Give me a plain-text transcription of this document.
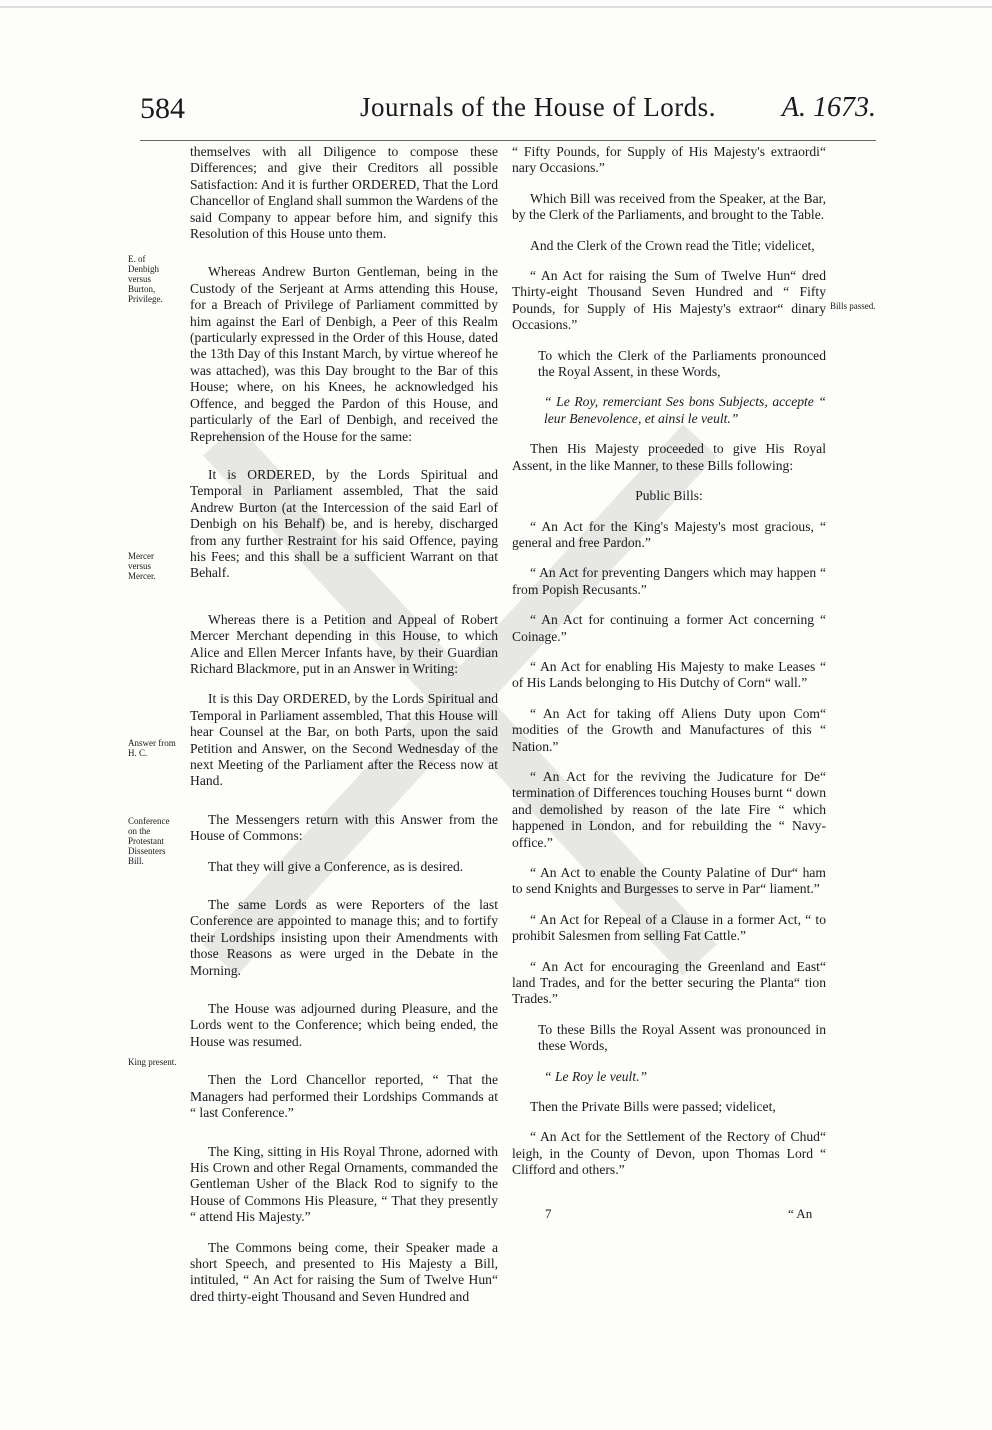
584	Journals of the House of Lords. A. 1673.
E. of Denbigh versus Burton, Privilege.
Mercer versus Mercer.
Answer from H. C.
Conference on the Protestant Dissenters Bill.
King present.
Bills passed.

themselves with all Diligence to compose these Differences; and give their Creditors all possible Satisfaction: And it is further ORDERED, That the Lord Chancellor of England shall summon the Wardens of the said Company to appear before him, and signify this Resolution of this House unto them.

Whereas Andrew Burton Gentleman, being in the Custody of the Serjeant at Arms attending this House, for a Breach of Privilege of Parliament committed by him against the Earl of Denbigh, a Peer of this Realm (particularly expressed in the Order of this House, dated the 13th Day of this Instant March, by virtue whereof he was attached), was this Day brought to the Bar of this House; where, on his Knees, he acknowledged his Offence, and begged the Pardon of this House, and particularly of the Earl of Denbigh, and received the Reprehension of the House for the same:

It is ORDERED, by the Lords Spiritual and Temporal in Parliament assembled, That the said Andrew Burton (at the Intercession of the said Earl of Denbigh on his Behalf) be, and is hereby, discharged from any further Restraint for his said Offence, paying his Fees; and this shall be a sufficient Warrant on that Behalf.

Whereas there is a Petition and Appeal of Robert Mercer Merchant depending in this House, to which Alice and Ellen Mercer Infants have, by their Guardian Richard Blackmore, put in an Answer in Writing:

It is this Day ORDERED, by the Lords Spiritual and Temporal in Parliament assembled, That this House will hear Counsel at the Bar, on both Parts, upon the said Petition and Answer, on the Second Wednesday of the next Meeting of the Parliament after the Recess now at Hand.

The Messengers return with this Answer from the House of Commons:

That they will give a Conference, as is desired.

The same Lords as were Reporters of the last Conference are appointed to manage this; and to fortify their Lordships insisting upon their Amendments with those Reasons as were urged in the Debate in the Morning.

The House was adjourned during Pleasure, and the Lords went to the Conference; which being ended, the House was resumed.

Then the Lord Chancellor reported, “ That the Managers had performed their Lordships Commands at “ last Conference.”

The King, sitting in His Royal Throne, adorned with His Crown and other Regal Ornaments, commanded the Gentleman Usher of the Black Rod to signify to the House of Commons His Pleasure, “ That they presently “ attend His Majesty.”

The Commons being come, their Speaker made a short Speech, and presented to His Majesty a Bill, intituled, “ An Act for raising the Sum of Twelve Hun“ dred thirty-eight Thousand and Seven Hundred and

“ Fifty Pounds, for Supply of His Majesty's extraordi“ nary Occasions.”

Which Bill was received from the Speaker, at the Bar, by the Clerk of the Parliaments, and brought to the Table.

And the Clerk of the Crown read the Title; videlicet,

“ An Act for raising the Sum of Twelve Hun“ dred Thirty-eight Thousand Seven Hundred and “ Fifty Pounds, for Supply of His Majesty's extraor“ dinary Occasions.”

To which the Clerk of the Parliaments pronounced the Royal Assent, in these Words,

“ Le Roy, remerciant Ses bons Subjects, accepte “ leur Benevolence, et ainsi le veult.”

Then His Majesty proceeded to give His Royal Assent, in the like Manner, to these Bills following:

Public Bills:

“ An Act for the King's Majesty's most gracious, “ general and free Pardon.”

“ An Act for preventing Dangers which may happen “ from Popish Recusants.”

“ An Act for continuing a former Act concerning “ Coinage.”

“ An Act for enabling His Majesty to make Leases “ of His Lands belonging to His Dutchy of Corn“ wall.”

“ An Act for taking off Aliens Duty upon Com“ modities of the Growth and Manufactures of this “ Nation.”

“ An Act for the reviving the Judicature for De“ termination of Differences touching Houses burnt “ down and demolished by reason of the late Fire “ which happened in London, and for rebuilding the “ Navy-office.”

“ An Act to enable the County Palatine of Dur“ ham to send Knights and Burgesses to serve in Par“ liament.”

“ An Act for Repeal of a Clause in a former Act, “ to prohibit Salesmen from selling Fat Cattle.”

“ An Act for encouraging the Greenland and East“ land Trades, and for the better securing the Planta“ tion Trades.”

To these Bills the Royal Assent was pronounced in these Words,

“ Le Roy le veult.”

Then the Private Bills were passed; videlicet,

“ An Act for the Settlement of the Rectory of Chud“ leigh, in the County of Devon, upon Thomas Lord “ Clifford and others.”

7	“ An
